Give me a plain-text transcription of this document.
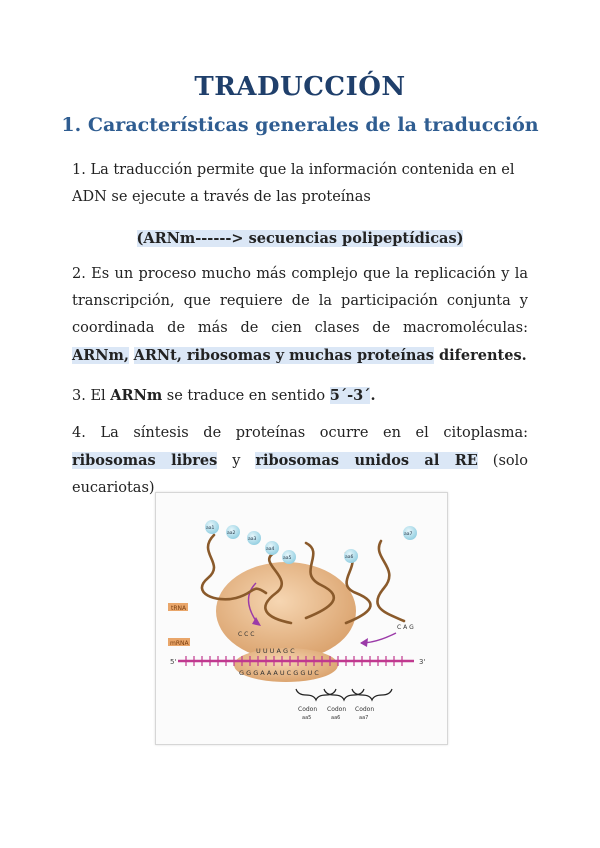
TRADUCCIÓN
1. Características generales de la traducción
1. La traducción permite que la información contenida en el ADN se ejecute a través de las proteínas
(ARNm------> secuencias polipeptídicas)
2. Es un proceso mucho más complejo que la replicación y la transcripción, que requiere de la participación conjunta y coordinada de más de cien clases de macromoléculas: ARNm, ARNt, ribosomas y muchas proteínas diferentes.
3. El ARNm se traduce en sentido 5´-3´.
4. La síntesis de proteínas ocurre en el citoplasma: ribosomas libres y ribosomas unidos al RE (solo eucariotas)
5'	3'
U U U A G C
G G G A A A U C G G U C
C C C
C A G
tRNA
mRNA
aa1
aa2
aa3
aa4
aa5	aa6
aa7
Codon
aa5
Codon
aa6
Codon
aa7
